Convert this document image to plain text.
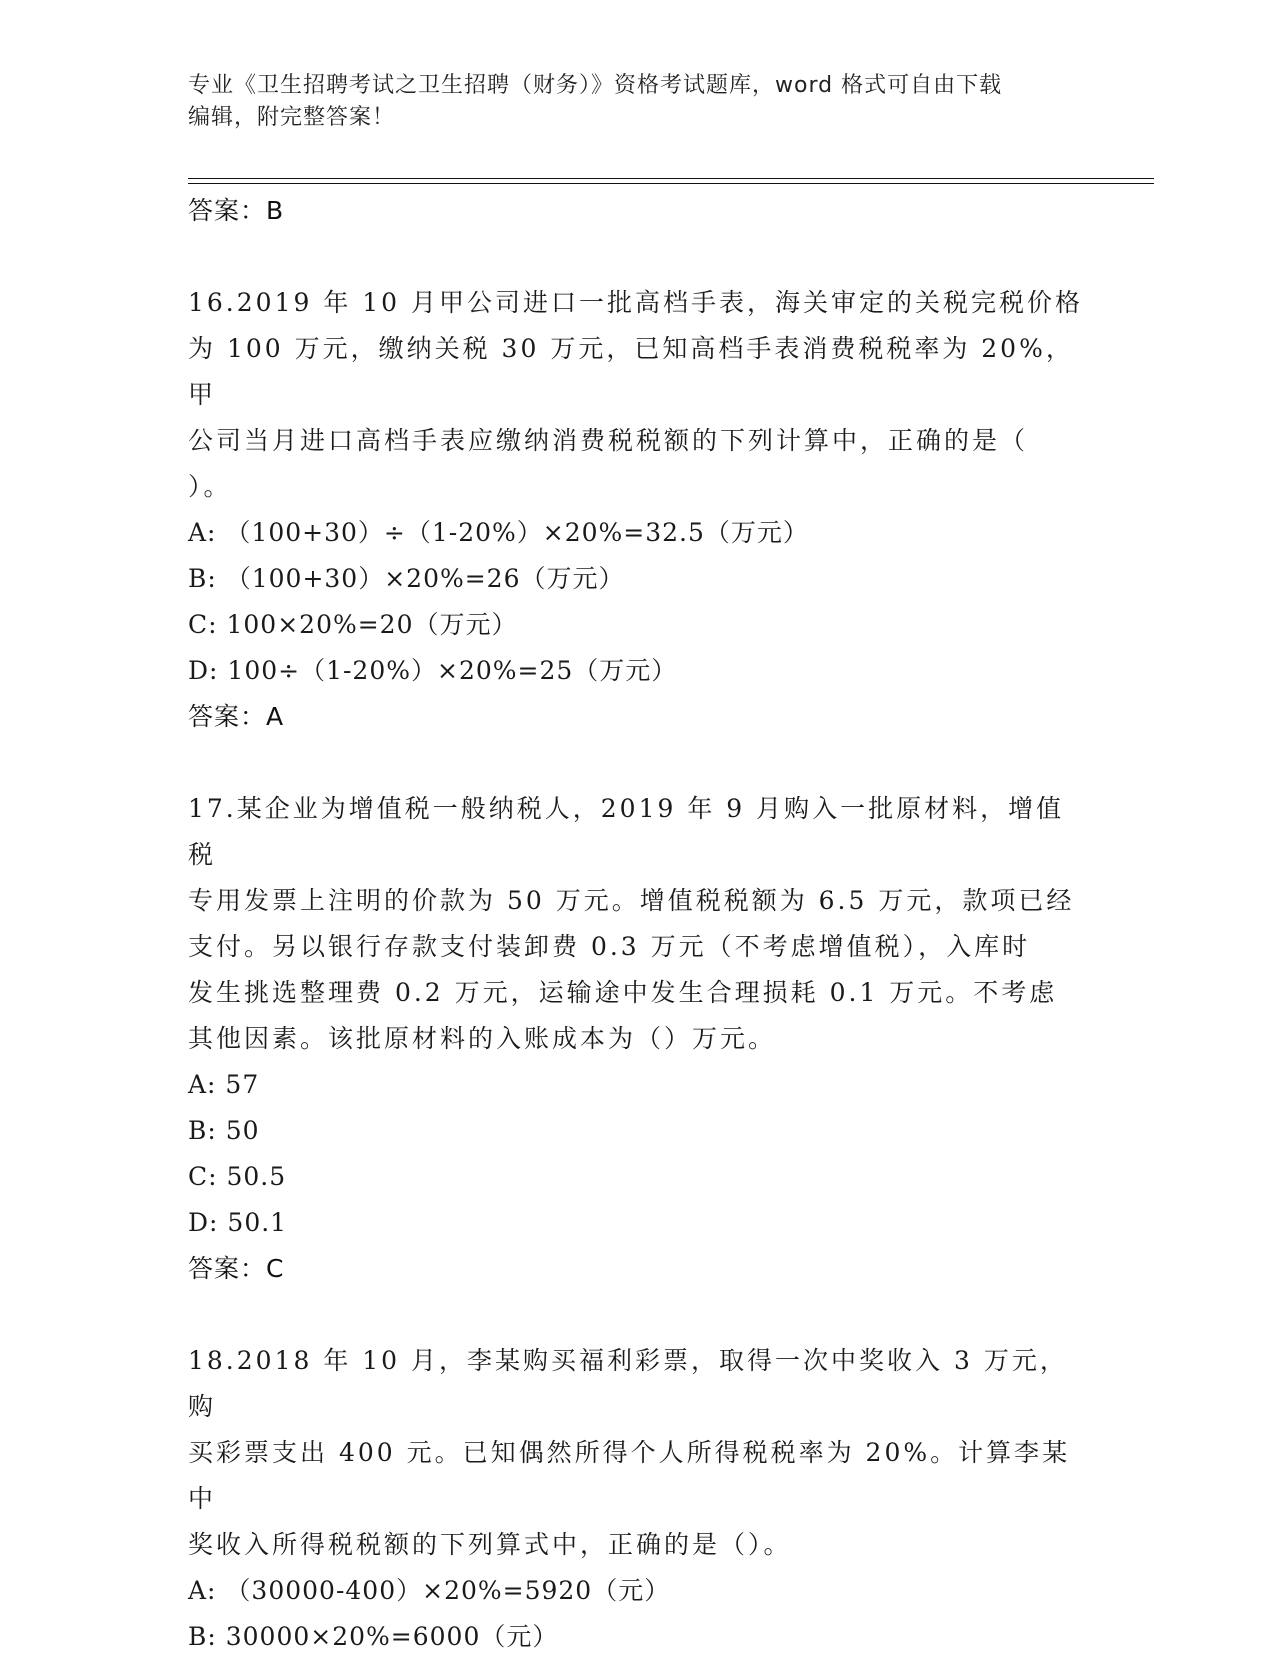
专业《卫生招聘考试之卫生招聘（财务）》资格考试题库，word 格式可自由下载
编辑，附完整答案！
答案：B
16.2019 年 10 月甲公司进口一批高档手表，海关审定的关税完税价格
为 100 万元，缴纳关税 30 万元，已知高档手表消费税税率为 20%，甲
公司当月进口高档手表应缴纳消费税税额的下列计算中，正确的是（
）。
A: （100+30）÷（1-20%）×20%=32.5（万元）
B: （100+30）×20%=26（万元）
C: 100×20%=20（万元）
D: 100÷（1-20%）×20%=25（万元）
答案：A
17.某企业为增值税一般纳税人，2019 年 9 月购入一批原材料，增值税
专用发票上注明的价款为 50 万元。增值税税额为 6.5 万元，款项已经
支付。另以银行存款支付装卸费 0.3 万元（不考虑增值税），入库时
发生挑选整理费 0.2 万元，运输途中发生合理损耗 0.1 万元。不考虑
其他因素。该批原材料的入账成本为（）万元。
A: 57
B: 50
C: 50.5
D: 50.1
答案：C
18.2018 年 10 月，李某购买福利彩票，取得一次中奖收入 3 万元，购
买彩票支出 400 元。已知偶然所得个人所得税税率为 20%。计算李某中
奖收入所得税税额的下列算式中，正确的是（）。
A: （30000-400）×20%=5920（元）
B: 30000×20%=6000（元）
